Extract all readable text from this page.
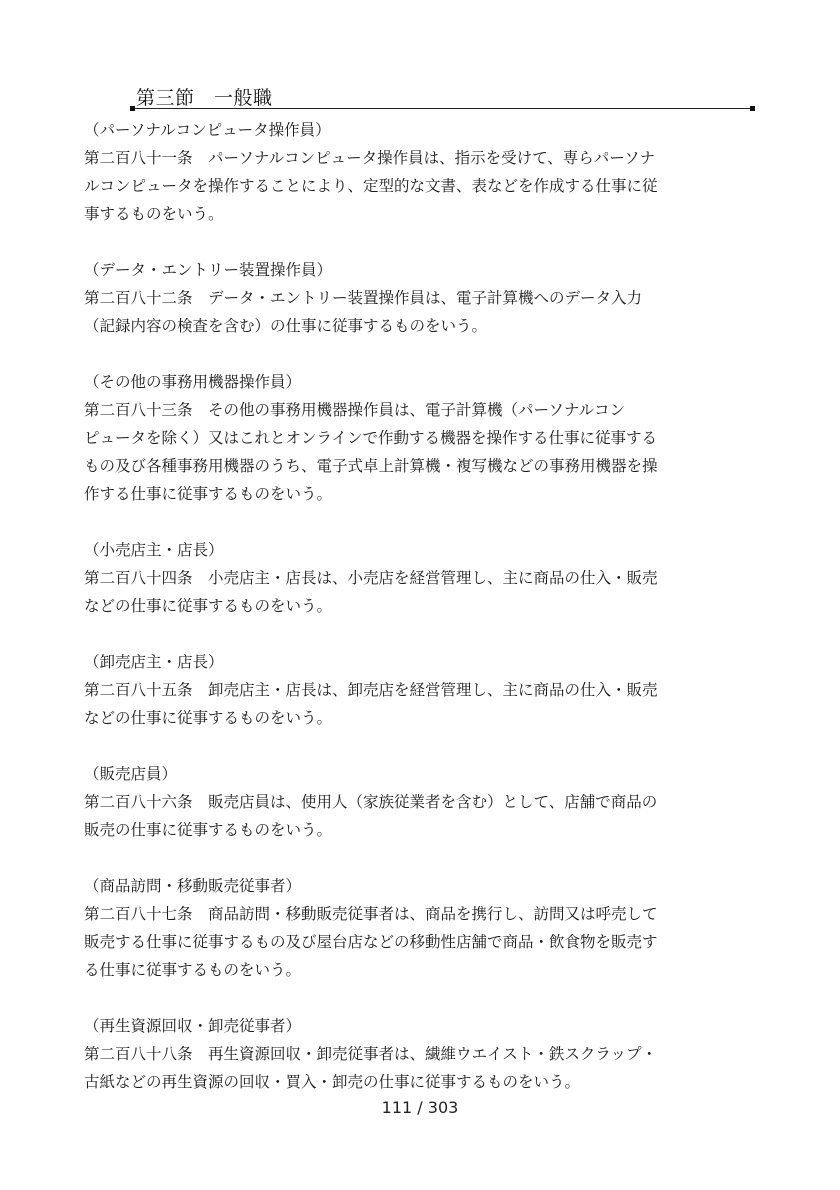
第三節　一般職

（パーソナルコンピュータ操作員）

第二百八十一条　パーソナルコンピュータ操作員は、指示を受けて、専らパーソナ

ルコンピュータを操作することにより、定型的な文書、表などを作成する仕事に従

事するものをいう。

（データ・エントリー装置操作員）

第二百八十二条　データ・エントリー装置操作員は、電子計算機へのデータ入力

（記録内容の検査を含む）の仕事に従事するものをいう。

（その他の事務用機器操作員）

第二百八十三条　その他の事務用機器操作員は、電子計算機（パーソナルコン

ピュータを除く）又はこれとオンラインで作動する機器を操作する仕事に従事する

もの及び各種事務用機器のうち、電子式卓上計算機・複写機などの事務用機器を操

作する仕事に従事するものをいう。

（小売店主・店長）

第二百八十四条　小売店主・店長は、小売店を経営管理し、主に商品の仕入・販売

などの仕事に従事するものをいう。

（卸売店主・店長）

第二百八十五条　卸売店主・店長は、卸売店を経営管理し、主に商品の仕入・販売

などの仕事に従事するものをいう。

（販売店員）

第二百八十六条　販売店員は、使用人（家族従業者を含む）として、店舗で商品の

販売の仕事に従事するものをいう。

（商品訪問・移動販売従事者）

第二百八十七条　商品訪問・移動販売従事者は、商品を携行し、訪問又は呼売して

販売する仕事に従事するもの及び屋台店などの移動性店舗で商品・飲食物を販売す

る仕事に従事するものをいう。

（再生資源回収・卸売従事者）

第二百八十八条　再生資源回収・卸売従事者は、繊維ウエイスト・鉄スクラップ・

古紙などの再生資源の回収・買入・卸売の仕事に従事するものをいう。

111 / 303
